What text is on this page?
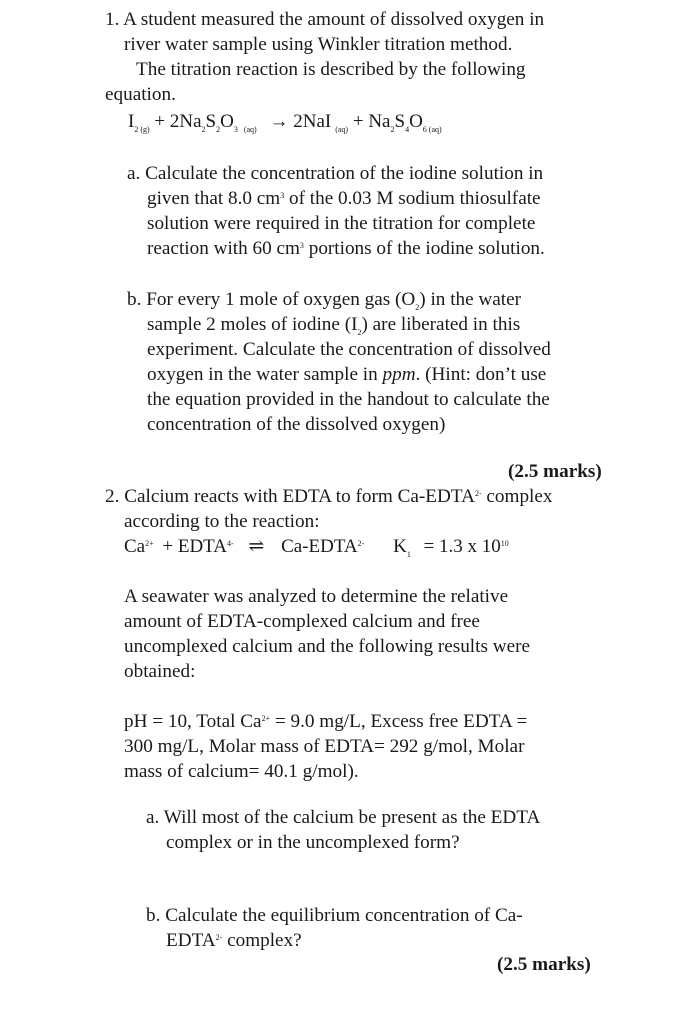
1. A student measured the amount of dissolved oxygen in
river water sample using Winkler titration method.
The titration reaction is described by the following
equation.
$I_{2 (g)} + 2Na_2S_2O_3$ $_{(aq)}$ → 2NaI $_{(aq)} + Na_2S_4O_{6 (aq)}$
a. Calculate the concentration of the iodine solution in
given that 8.0 $cm^3$ of the 0.03 M sodium thiosulfate
solution were required in the titration for complete
reaction with 60 $cm^3$ portions of the iodine solution.
b. For every 1 mole of oxygen gas $(O_2)$ in the water
sample 2 moles of iodine $(I_2)$ are liberated in this
experiment. Calculate the concentration of dissolved
oxygen in the water sample in ppm. (Hint: don’t use
the equation provided in the handout to calculate the
concentration of the dissolved oxygen)
(2.5 marks)
2. Calcium reacts with EDTA to form $Ca-EDTA^{2-}$ complex
according to the reaction:
$Ca^{2+}$ + $EDTA^{4-}$ ⇌ $Ca-EDTA^{2-}$ $K_1 = 1.3$ x $10^{10}$
A seawater was analyzed to determine the relative
amount of EDTA-complexed calcium and free
uncomplexed calcium and the following results were
obtained:
pH = 10, Total $Ca^{2+} = 9.0$ mg/L, Excess free EDTA =
300 mg/L, Molar mass of EDTA= 292 g/mol, Molar
mass of calcium= 40.1 g/mol).
a. Will most of the calcium be present as the EDTA
complex or in the uncomplexed form?
b. Calculate the equilibrium concentration of Ca-
$EDTA^{2-}$ complex?
(2.5 marks)
